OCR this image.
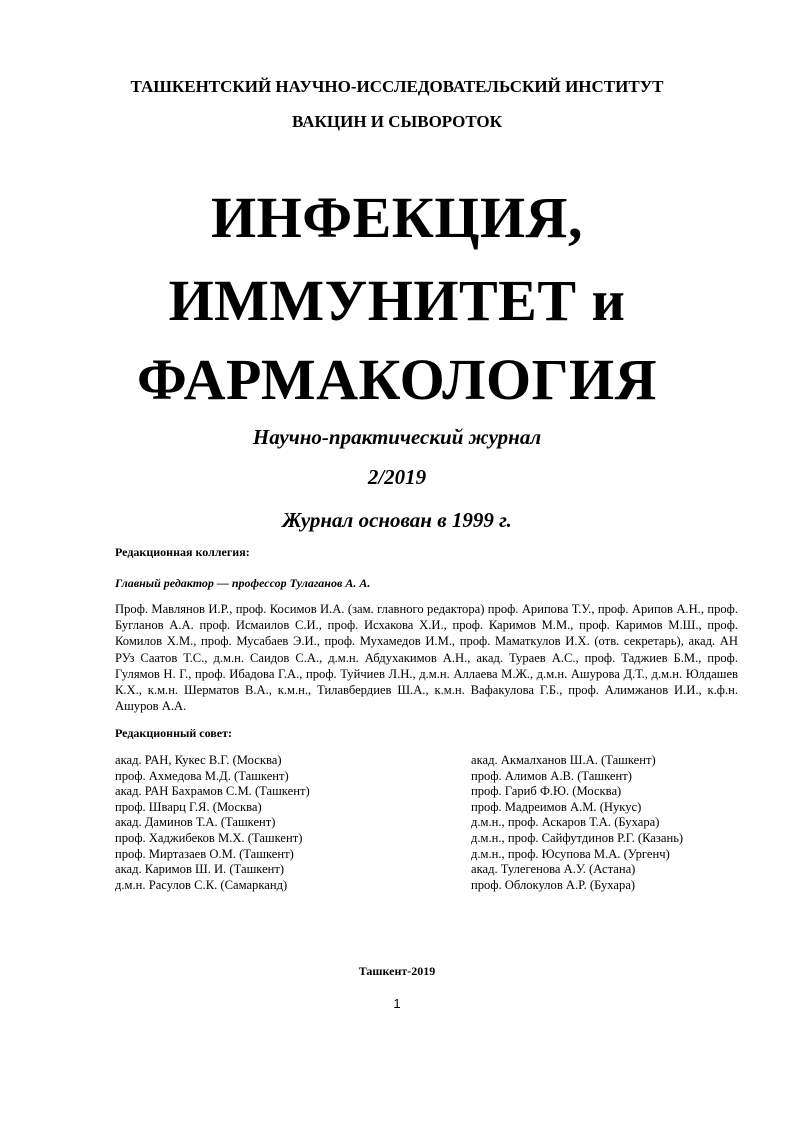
ТАШКЕНТСКИЙ НАУЧНО-ИССЛЕДОВАТЕЛЬСКИЙ ИНСТИТУТ
ВАКЦИН И СЫВОРОТОК
ИНФЕКЦИЯ,
ИММУНИТЕТ и
ФАРМАКОЛОГИЯ
Научно-практический журнал
2/2019
Журнал основан в 1999 г.
Редакционная коллегия:
Главный редактор — профессор Тулаганов А. А.
Проф. Мавлянов И.Р., проф. Косимов И.А. (зам. главного редактора) проф. Арипова Т.У., проф. Арипов А.Н., проф. Бугланов А.А. проф. Исмаилов С.И., проф. Исхакова Х.И., проф. Каримов М.М., проф. Каримов М.Ш., проф. Комилов Х.М., проф. Мусабаев Э.И., проф. Мухамедов И.М., проф. Маматкулов И.Х. (отв. секретарь), акад. АН РУз Саатов Т.С., д.м.н. Саидов С.А., д.м.н. Абдухакимов А.Н., акад. Тураев А.С., проф. Таджиев Б.М., проф. Гулямов Н. Г., проф. Ибадова Г.А., проф. Туйчиев Л.Н., д.м.н. Аллаева М.Ж., д.м.н. Ашурова Д.Т., д.м.н. Юлдашев К.Х., к.м.н. Шерматов В.А., к.м.н., Тилавбердиев Ш.А., к.м.н. Вафакулова Г.Б., проф. Алимжанов И.И., к.ф.н. Ашуров А.А.
Редакционный совет:
акад. РАН, Кукес В.Г. (Москва)
проф. Ахмедова М.Д. (Ташкент)
акад. РАН Бахрамов С.М. (Ташкент)
проф. Шварц Г.Я. (Москва)
акад. Даминов Т.А. (Ташкент)
проф. Хаджибеков М.Х. (Ташкент)
проф. Миртазаев О.М. (Ташкент)
акад. Каримов Ш. И. (Ташкент)
д.м.н. Расулов С.К. (Самарканд)
акад. Акмалханов Ш.А. (Ташкент)
проф. Алимов А.В. (Ташкент)
проф. Гариб Ф.Ю. (Москва)
проф. Мадреимов А.М. (Нукус)
д.м.н., проф. Аскаров Т.А. (Бухара)
д.м.н., проф. Сайфутдинов Р.Г. (Казань)
д.м.н., проф. Юсупова М.А. (Ургенч)
акад. Тулегенова А.У. (Астана)
проф. Облокулов А.Р. (Бухара)
Ташкент-2019
1
